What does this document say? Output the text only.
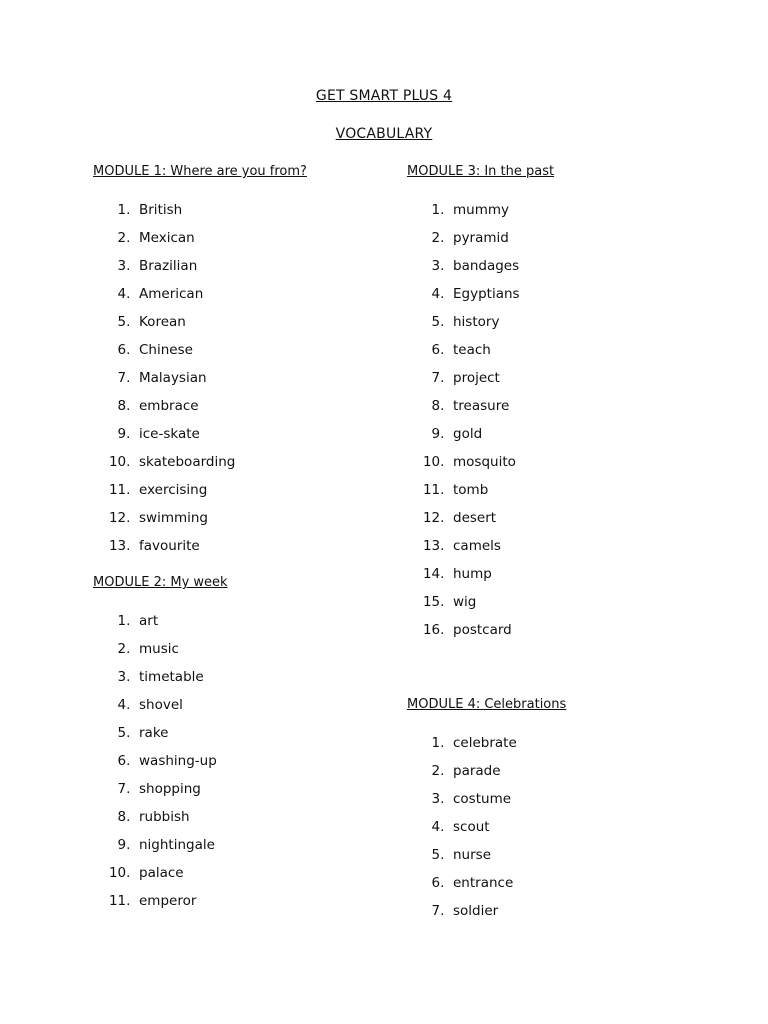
GET SMART PLUS 4
VOCABULARY
MODULE 1: Where are you from?
1.  British
2.  Mexican
3.  Brazilian
4.  American
5.  Korean
6.  Chinese
7.  Malaysian
8.  embrace
9.  ice-skate
10.  skateboarding
11.  exercising
12.  swimming
13.  favourite
MODULE 2: My week
1.  art
2.  music
3.  timetable
4.  shovel
5.  rake
6.  washing-up
7.  shopping
8.  rubbish
9.  nightingale
10.  palace
11.  emperor
MODULE 3: In the past
1.  mummy
2.  pyramid
3.  bandages
4.  Egyptians
5.  history
6.  teach
7.  project
8.  treasure
9.  gold
10.  mosquito
11.  tomb
12.  desert
13.  camels
14.  hump
15.  wig
16.  postcard
MODULE 4: Celebrations
1.  celebrate
2.  parade
3.  costume
4.  scout
5.  nurse
6.  entrance
7.  soldier
